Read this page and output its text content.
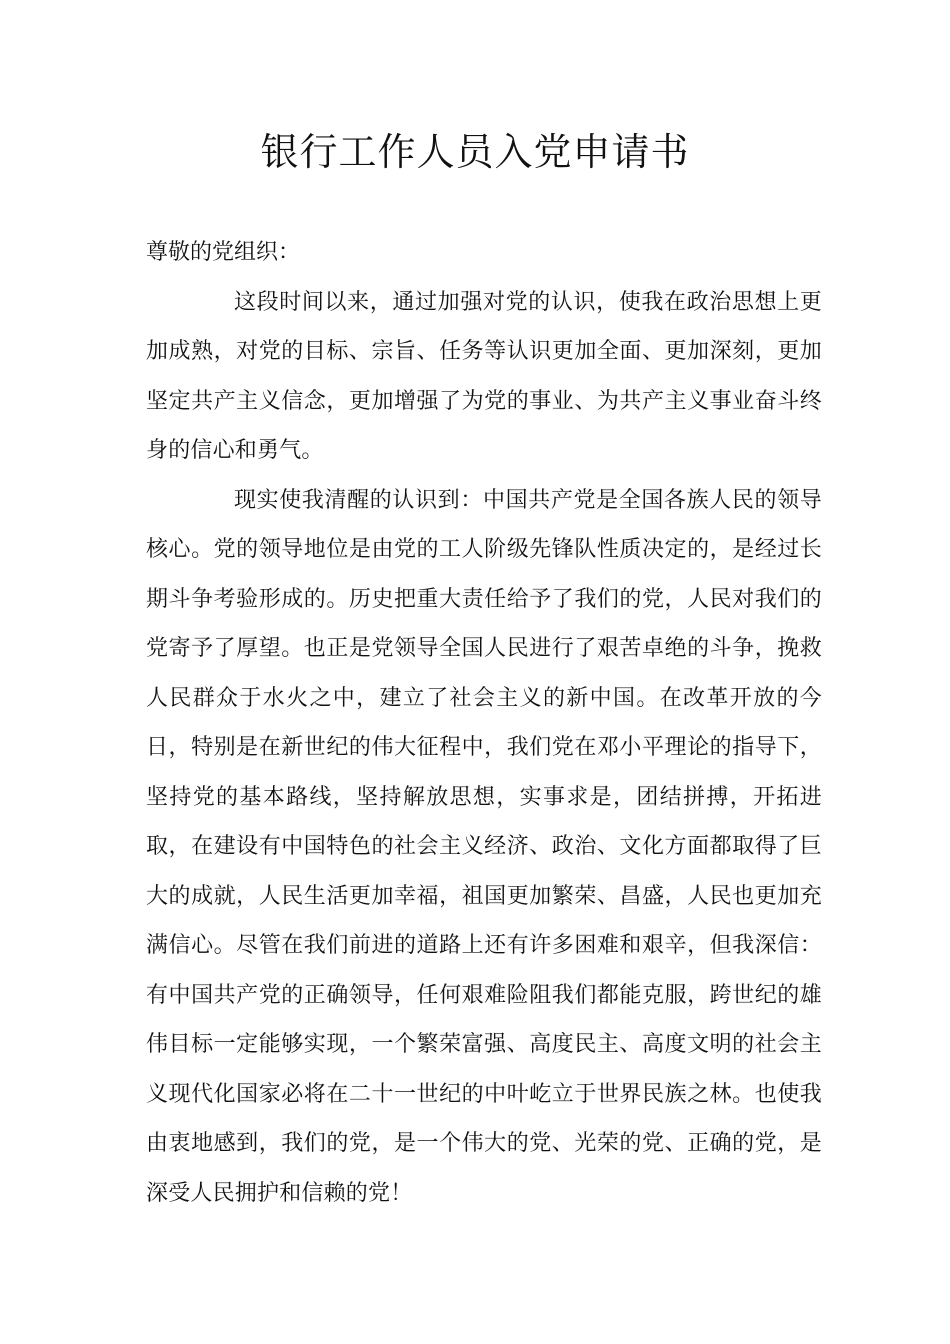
银行工作人员入党申请书

尊敬的党组织：

这段时间以来，通过加强对党的认识，使我在政治思想上更加成熟，对党的目标、宗旨、任务等认识更加全面、更加深刻，更加坚定共产主义信念，更加增强了为党的事业、为共产主义事业奋斗终身的信心和勇气。

现实使我清醒的认识到：中国共产党是全国各族人民的领导核心。党的领导地位是由党的工人阶级先锋队性质决定的，是经过长期斗争考验形成的。历史把重大责任给予了我们的党，人民对我们的党寄予了厚望。也正是党领导全国人民进行了艰苦卓绝的斗争，挽救人民群众于水火之中，建立了社会主义的新中国。在改革开放的今日，特别是在新世纪的伟大征程中，我们党在邓小平理论的指导下，坚持党的基本路线，坚持解放思想，实事求是，团结拼搏，开拓进取，在建设有中国特色的社会主义经济、政治、文化方面都取得了巨大的成就，人民生活更加幸福，祖国更加繁荣、昌盛，人民也更加充满信心。尽管在我们前进的道路上还有许多困难和艰辛，但我深信：有中国共产党的正确领导，任何艰难险阻我们都能克服，跨世纪的雄伟目标一定能够实现，一个繁荣富强、高度民主、高度文明的社会主义现代化国家必将在二十一世纪的中叶屹立于世界民族之林。也使我由衷地感到，我们的党，是一个伟大的党、光荣的党、正确的党，是深受人民拥护和信赖的党！
